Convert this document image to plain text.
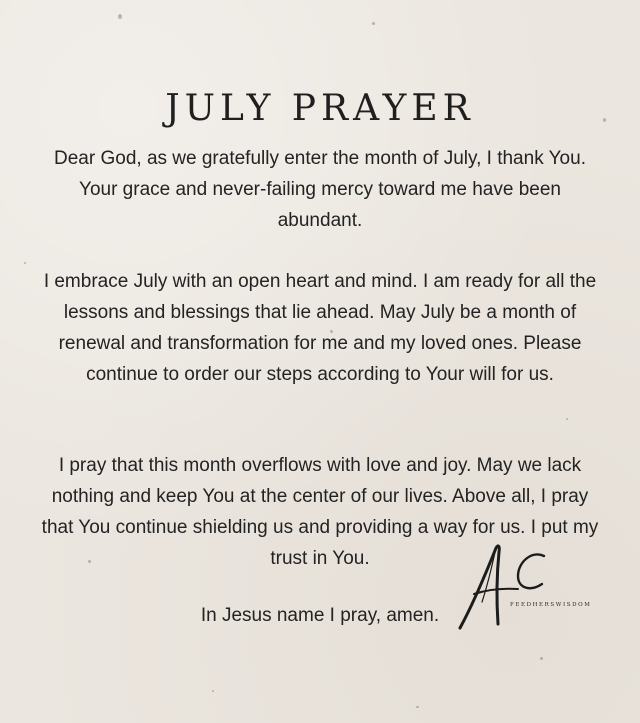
JULY PRAYER

Dear God, as we gratefully enter the month of July, I thank You. Your grace and never-failing mercy toward me have been abundant.

I embrace July with an open heart and mind. I am ready for all the lessons and blessings that lie ahead. May July be a month of renewal and transformation for me and my loved ones. Please continue to order our steps according to Your will for us.

I pray that this month overflows with love and joy. May we lack nothing and keep You at the center of our lives. Above all, I pray that You continue shielding us and providing a way for us. I put my trust in You.

In Jesus name I pray, amen.	FEEDHERSWISDOM
